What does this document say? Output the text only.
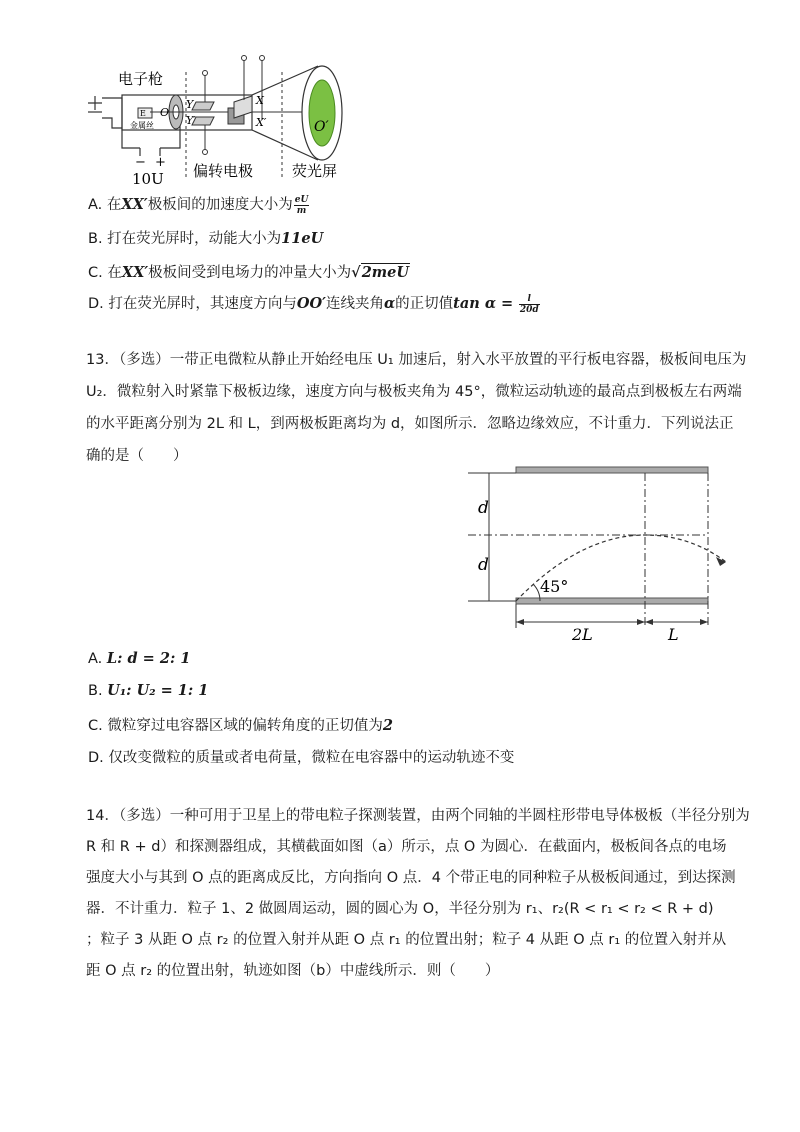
电子枪
金属丝
E
− +
10U 偏转电极	荧光屏
Y
Y′
X
X′
O
O′
A. 在XX′极板间的加速度大小为 $\frac{eU}{m}$
B. 打在荧光屏时，动能大小为11eU
C. 在XX′极板间受到电场力的冲量大小为√2meU
D. 打在荧光屏时，其速度方向与OO′连线夹角α的正切值$\tan \alpha = \frac{l}{20d}$
13．（多选）一带正电微粒从静止开始经电压 U₁ 加速后，射入水平放置的平行板电容器，极板间电压为
U₂．微粒射入时紧靠下极板边缘，速度方向与极板夹角为 45°，微粒运动轨迹的最高点到极板左右两端
的水平距离分别为 2L 和 L，到两极板距离均为 d，如图所示．忽略边缘效应，不计重力．下列说法正
确的是（　　）
d
d
45°
2L	L
A. L: d = 2: 1
B. U₁: U₂ = 1: 1
C. 微粒穿过电容器区域的偏转角度的正切值为2
D. 仅改变微粒的质量或者电荷量，微粒在电容器中的运动轨迹不变
14．（多选）一种可用于卫星上的带电粒子探测装置，由两个同轴的半圆柱形带电导体极板（半径分别为
R 和 R + d）和探测器组成，其横截面如图（a）所示，点 O 为圆心．在截面内，极板间各点的电场
强度大小与其到 O 点的距离成反比，方向指向 O 点．4 个带正电的同种粒子从极板间通过，到达探测
器．不计重力．粒子 1、2 做圆周运动，圆的圆心为 O，半径分别为 r₁、r₂(R < r₁ < r₂ < R + d)
；粒子 3 从距 O 点 r₂ 的位置入射并从距 O 点 r₁ 的位置出射；粒子 4 从距 O 点 r₁ 的位置入射并从
距 O 点 r₂ 的位置出射，轨迹如图（b）中虚线所示．则（　　）
